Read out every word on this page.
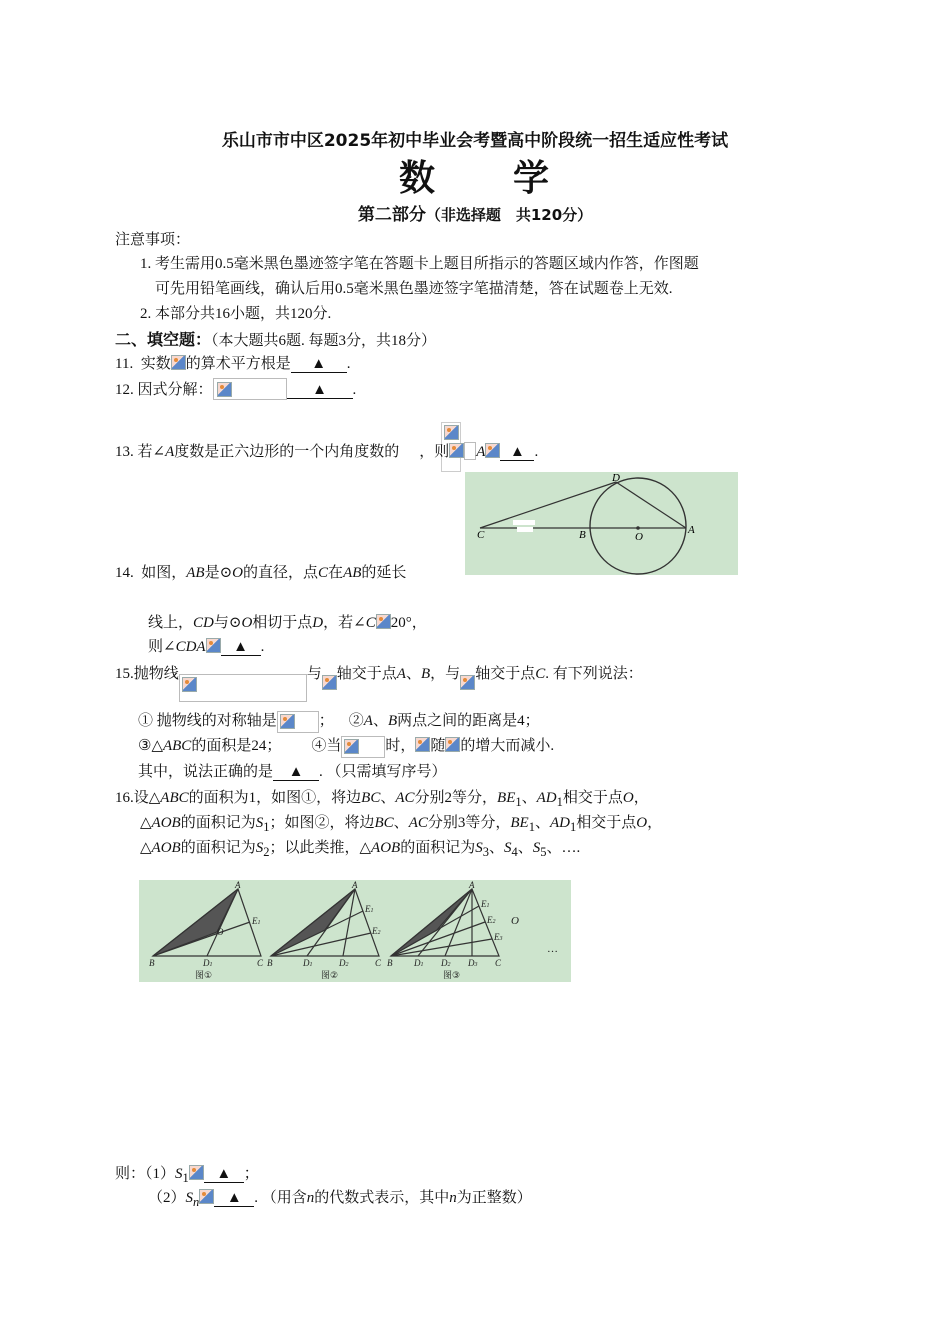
乐山市市中区2025年初中毕业会考暨高中阶段统一招生适应性考试
数　　学
第二部分（非选择题　共120分）
注意事项：
1. 考生需用0.5毫米黑色墨迹签字笔在答题卡上题目所指示的答题区域内作答，作图题
可先用铅笔画线，确认后用0.5毫米黑色墨迹签字笔描清楚，答在试题卷上无效.
2. 本部分共16小题，共120分.
二、填空题：（本大题共6题. 每题3分，共18分）
11. 实数 的算术平方根是 ▲ .
12. 因式分解：	▲ .
13. 若∠A度数是正六边形的一个内角度数的 ，则 A ▲ .
D
C	B	O
A
14. 如图，AB是⊙O的直径，点C在AB的延长
线上，CD与⊙O相切于点D，若∠C 20°，
则∠CDA ▲ .
15.抛物线	与 轴交于点A、B，与 轴交于点C. 有下列说法：
① 抛物线的对称轴是	； ②A、B两点之间的距离是4；
③△ABC的面积是24； ④当	时， 随 的增大而减小.
其中，说法正确的是 ▲ . （只需填写序号）
16.设△ABC的面积为1，如图①，将边BC、AC分别2等分，$BE_1$、$AD_1$相交于点O，
△AOB的面积记为$S_1$；如图②，将边BC、AC分别3等分，$BE_1$、$AD_1$相交于点O，
△AOB的面积记为$S_2$；以此类推，△AOB的面积记为$S_3$、$S_4$、$S_5$、….
A
B	C
E1
D1
O
A
B	C
E1
E2
D1	D2
A
B	C
E1
E2
E3
D1 D2 D3
O
…
图①	图②	图③
则：$(1)S_1$ ▲ ；
$(2)S_n$ ▲ . （用含n的代数式表示，其中n为正整数）
